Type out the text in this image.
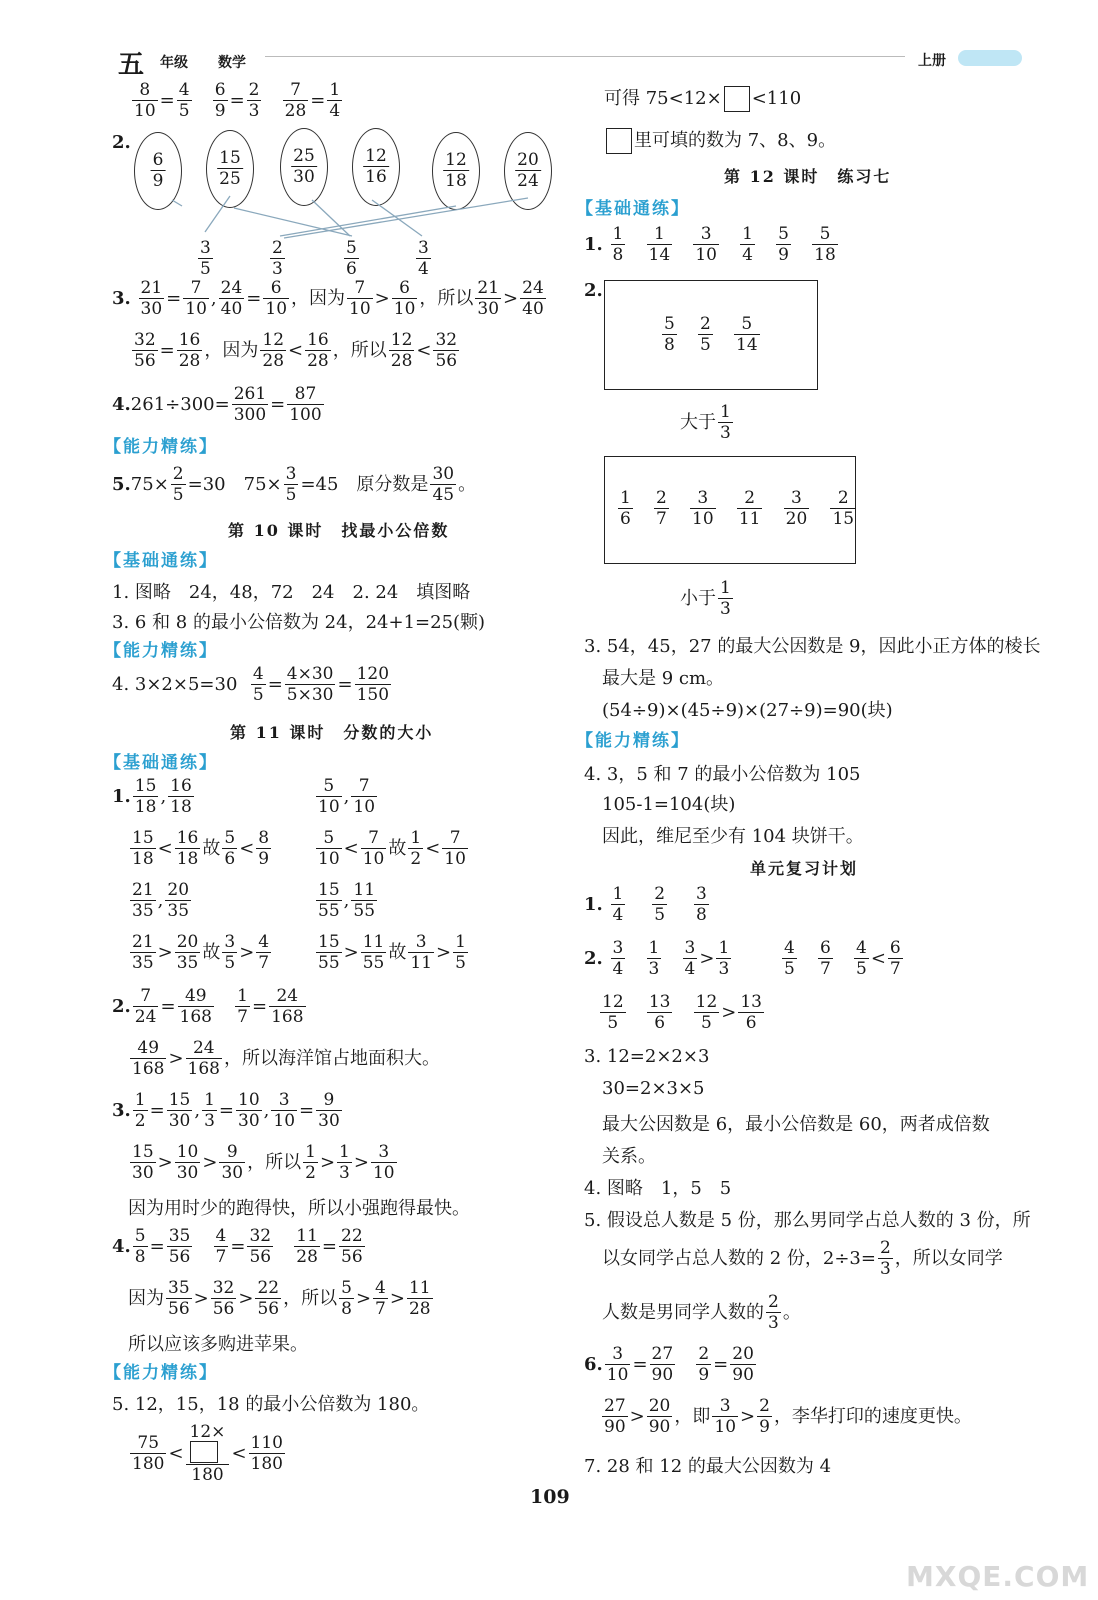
五 年级 数学	上册
$\frac{8}{10} = \frac{4}{5}$
$\frac{6}{9} = \frac{2}{3}$
$\frac{7}{28} = \frac{1}{4}$
2.
$\frac{6}{9}$	$\frac{15}{25}$	$\frac{25}{30}$	$\frac{12}{16}$	$\frac{12}{18}$	$\frac{20}{24}$
$\frac{3}{5}$	$\frac{2}{3}$	$\frac{5}{6}$	$\frac{3}{4}$
3. $\frac{21}{30} = \frac{7}{10}$ , $\frac{24}{40} = \frac{6}{10}$ ，因为 $\frac{7}{10} > \frac{6}{10}$ ，所以 $\frac{21}{30} > \frac{24}{40}$
$\frac{32}{56} = \frac{16}{28}$ ，因为 $\frac{12}{28} < \frac{16}{28}$ ，所以 $\frac{12}{28} < \frac{32}{56}$
$4.261\div 300= \frac{261}{300} = \frac{87}{100}$
【能力精练】
$5.75\times \frac{2}{5} =30$　$75\times \frac{3}{5} =45$　原分数是 $\frac{30}{45}$ 。
第 10 课时　找最小公倍数
【基础通练】
1. 图略　24，48，72　24　2. 24　填图略
3. 6 和 8 的最小公倍数为 24，24+1=25(颗)
【能力精练】
4. $3\times 2\times 5=30 \frac{4}{5} = \frac{4\times 30}{5\times 30} = \frac{120}{150}$
第 11 课时　分数的大小
【基础通练】
1. $\frac{15}{18}$ , $\frac{16}{18}$	$\frac{5}{10}$ , $\frac{7}{10}$
$\frac{15}{18} < \frac{16}{18}$ 故 $\frac{5}{6} < \frac{8}{9}$	$\frac{5}{10} < \frac{7}{10}$ 故 $\frac{1}{2} < \frac{7}{10}$
$\frac{21}{35}$ , $\frac{20}{35}$	$\frac{15}{55}$ , $\frac{11}{55}$
$\frac{21}{35} > \frac{20}{35}$ 故 $\frac{3}{5} > \frac{4}{7}$	$\frac{15}{55} > \frac{11}{55}$ 故 $\frac{3}{11} > \frac{1}{5}$
2. $\frac{7}{24} = \frac{49}{168}$
$\frac{1}{7} = \frac{24}{168}$
$\frac{49}{168} > \frac{24}{168}$ ，所以海洋馆占地面积大。
3. $\frac{1}{2} = \frac{15}{30}$ , $\frac{1}{3} = \frac{10}{30}$ , $\frac{3}{10} = \frac{9}{30}$
$\frac{15}{30} > \frac{10}{30} > \frac{9}{30}$ ，所以 $\frac{1}{2} > \frac{1}{3} > \frac{3}{10}$
因为用时少的跑得快，所以小强跑得最快。
4. $\frac{5}{8} = \frac{35}{56}$
$\frac{4}{7} = \frac{32}{56}$
$\frac{11}{28} = \frac{22}{56}$
因为 $\frac{35}{56} > \frac{32}{56} > \frac{22}{56}$ ，所以 $\frac{5}{8} > \frac{4}{7} > \frac{11}{28}$
所以应该多购进苹果。
【能力精练】
5. 12，15，18 的最小公倍数为 180。
$\frac{75}{180} < \frac{12\times}{180} < \frac{110}{180}$
可得 75<12× <110
里可填的数为 7、8、9。
第 12 课时　练习七
【基础通练】
1. $\frac{1}{8}$
$\frac{1}{14}$
$\frac{3}{10}$
$\frac{1}{4}$
$\frac{5}{9}$
$\frac{5}{18}$
2.
$\frac{5}{8}$
$\frac{2}{5}$
$\frac{5}{14}$
大于 $\frac{1}{3}$
$\frac{1}{6}$
$\frac{2}{7}$
$\frac{3}{10}$
$\frac{2}{11}$
$\frac{3}{20}$
$\frac{2}{15}$
小于 $\frac{1}{3}$
3. 54，45，27 的最大公因数是 9，因此小正方体的棱长
最大是 9 cm。
(54÷9)×(45÷9)×(27÷9)=90(块)
【能力精练】
4. 3，5 和 7 的最小公倍数为 105
105-1=104(块)
因此，维尼至少有 104 块饼干。
单元复习计划
1. $\frac{1}{4}$
$\frac{2}{5}$
$\frac{3}{8}$
2. $\frac{3}{4}$
$\frac{1}{3}$
$\frac{3}{4} > \frac{1}{3}$	$\frac{4}{5}$
$\frac{6}{7}$
$\frac{4}{5} < \frac{6}{7}$
$\frac{12}{5}$
$\frac{13}{6}$
$\frac{12}{5} > \frac{13}{6}$
3. 12=2×2×3
30=2×3×5
最大公因数是 6，最小公倍数是 60，两者成倍数
关系。
4. 图略　1，5　5
5. 假设总人数是 5 份，那么男同学占总人数的 3 份，所
以女同学占总人数的 2 份，$2\div 3= \frac{2}{3}$ ，所以女同学
人数是男同学人数的 $\frac{2}{3}$ 。
6. $\frac{3}{10} = \frac{27}{90}$
$\frac{2}{9} = \frac{20}{90}$
$\frac{27}{90} > \frac{20}{90}$ ，即 $\frac{3}{10} > \frac{2}{9}$ ，李华打印的速度更快。
7. 28 和 12 的最大公因数为 4
109
MXQE.COM
